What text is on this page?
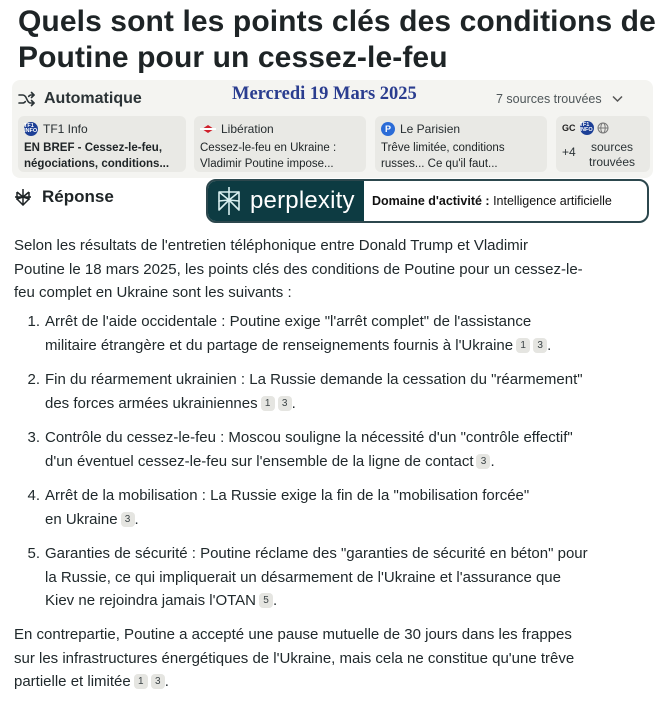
Quels sont les points clés des conditions de Poutine pour un cessez-le-feu
Automatique	Mercredi 19 Mars 2025	7 sources trouvées
TF1 INFO TF1 Info
EN BREF - Cessez-le-feu,
négociations, conditions...
Libération
Cessez-le-feu en Ukraine :
Vladimir Poutine impose...
P Le Parisien
Trêve limitée, conditions
russes... Ce qu'il faut...
GC TF1 INFO
+4	sources
trouvées
Réponse	perplexity Domaine d'activité : Intelligence artificielle
Selon les résultats de l'entretien téléphonique entre Donald Trump et Vladimir
Poutine le 18 mars 2025, les points clés des conditions de Poutine pour un cessez-le-
feu complet en Ukraine sont les suivants :
1. Arrêt de l'aide occidentale : Poutine exige "l'arrêt complet" de l'assistance
militaire étrangère et du partage de renseignements fournis à l'Ukraine 1 3 .
2. Fin du réarmement ukrainien : La Russie demande la cessation du "réarmement"
des forces armées ukrainiennes 1 3 .
3. Contrôle du cessez-le-feu : Moscou souligne la nécessité d'un "contrôle effectif"
d'un éventuel cessez-le-feu sur l'ensemble de la ligne de contact 3 .
4. Arrêt de la mobilisation : La Russie exige la fin de la "mobilisation forcée"
en Ukraine 3 .
5. Garanties de sécurité : Poutine réclame des "garanties de sécurité en béton" pour
la Russie, ce qui impliquerait un désarmement de l'Ukraine et l'assurance que
Kiev ne rejoindra jamais l'OTAN 5 .
En contrepartie, Poutine a accepté une pause mutuelle de 30 jours dans les frappes
sur les infrastructures énergétiques de l'Ukraine, mais cela ne constitue qu'une trêve
partielle et limitée 1 3 .
